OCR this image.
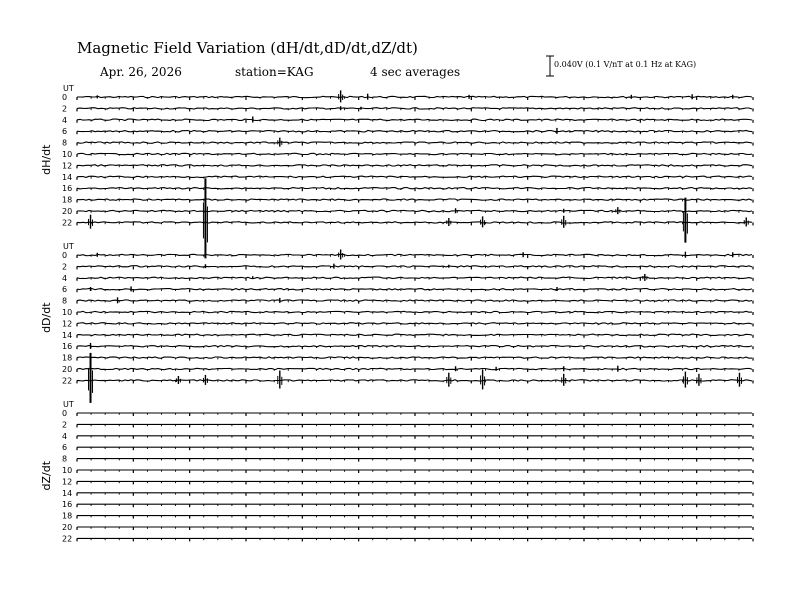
Magnetic Field Variation (dH/dt,dD/dt,dZ/dt)
Apr. 26, 2026	station=KAG	4 sec averages
0.040V (0.1 V/nT at 0.1 Hz at KAG)
UT
dH/dt
0
2
4
6
8
10
12
14
16
18
20
22
UT
dD/dt
0
2
4
6
8
10
12
14
16
18
20
22
UT
dZ/dt
0
2
4
6
8
10
12
14
16
18
20
22
